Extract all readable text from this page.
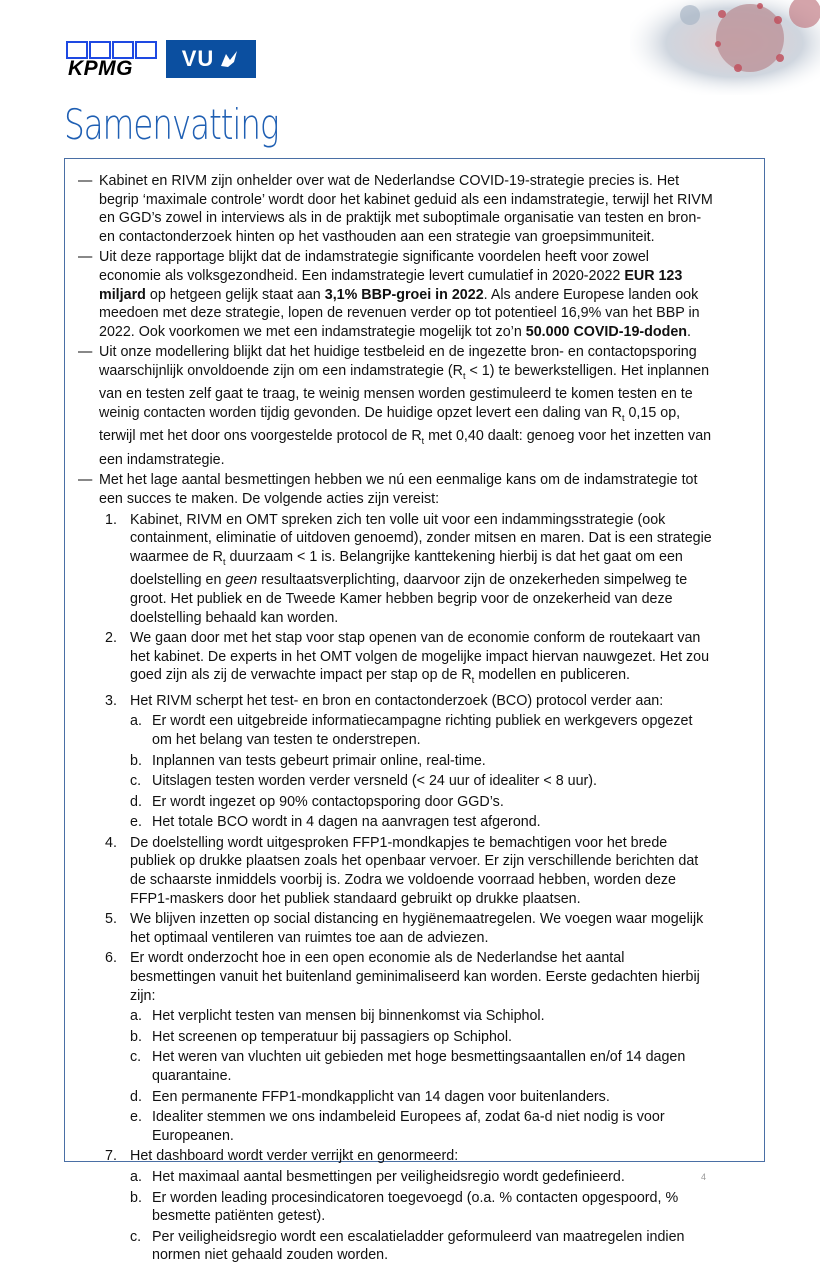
KPMG VU
Samenvatting
— Kabinet en RIVM zijn onhelder over wat de Nederlandse COVID-19-strategie precies is. Het begrip ‘maximale controle’ wordt door het kabinet geduid als een indamstrategie, terwijl het RIVM en GGD’s zowel in interviews als in de praktijk met suboptimale organisatie van testen en bron- en contactonderzoek hinten op het vasthouden aan een strategie van groepsimmuniteit.
— Uit deze rapportage blijkt dat de indamstrategie significante voordelen heeft voor zowel economie als volksgezondheid. Een indamstrategie levert cumulatief in 2020-2022 EUR 123 miljard op hetgeen gelijk staat aan 3,1% BBP-groei in 2022. Als andere Europese landen ook meedoen met deze strategie, lopen de revenuen verder op tot potentieel 16,9% van het BBP in 2022. Ook voorkomen we met een indamstrategie mogelijk tot zo’n 50.000 COVID-19-doden.
— Uit onze modellering blijkt dat het huidige testbeleid en de ingezette bron- en contactopsporing waarschijnlijk onvoldoende zijn om een indamstrategie $(R_t < 1)$ te bewerkstelligen. Het inplannen van en testen zelf gaat te traag, te weinig mensen worden gestimuleerd te komen testen en te weinig contacten worden tijdig gevonden. De huidige opzet levert een daling van $R_t$ 0,15 op, terwijl met het door ons voorgestelde protocol de $R_t$ met 0,40 daalt: genoeg voor het inzetten van een indamstrategie.
— Met het lage aantal besmettingen hebben we nú een eenmalige kans om de indamstrategie tot een succes te maken. De volgende acties zijn vereist:
1. Kabinet, RIVM en OMT spreken zich ten volle uit voor een indammingsstrategie (ook containment, eliminatie of uitdoven genoemd), zonder mitsen en maren. Dat is een strategie waarmee de $R_t$ duurzaam < 1 is. Belangrijke kanttekening hierbij is dat het gaat om een doelstelling en geen resultaatsverplichting, daarvoor zijn de onzekerheden simpelweg te groot. Het publiek en de Tweede Kamer hebben begrip voor de onzekerheid van deze doelstelling behaald kan worden.
2. We gaan door met het stap voor stap openen van de economie conform de routekaart van het kabinet. De experts in het OMT volgen de mogelijke impact hiervan nauwgezet. Het zou goed zijn als zij de verwachte impact per stap op de $R_t$ modellen en publiceren.
3. Het RIVM scherpt het test- en bron en contactonderzoek (BCO) protocol verder aan:
a. Er wordt een uitgebreide informatiecampagne richting publiek en werkgevers opgezet om het belang van testen te onderstrepen.
b. Inplannen van tests gebeurt primair online, real-time.
c. Uitslagen testen worden verder versneld (< 24 uur of idealiter < 8 uur).
d. Er wordt ingezet op 90% contactopsporing door GGD’s.
e. Het totale BCO wordt in 4 dagen na aanvragen test afgerond.
4. De doelstelling wordt uitgesproken FFP1-mondkapjes te bemachtigen voor het brede publiek op drukke plaatsen zoals het openbaar vervoer. Er zijn verschillende berichten dat de schaarste inmiddels voorbij is. Zodra we voldoende voorraad hebben, worden deze FFP1-maskers door het publiek standaard gebruikt op drukke plaatsen.
5. We blijven inzetten op social distancing en hygiënemaatregelen. We voegen waar mogelijk het optimaal ventileren van ruimtes toe aan de adviezen.
6. Er wordt onderzocht hoe in een open economie als de Nederlandse het aantal besmettingen vanuit het buitenland geminimaliseerd kan worden. Eerste gedachten hierbij zijn:
a. Het verplicht testen van mensen bij binnenkomst via Schiphol.
b. Het screenen op temperatuur bij passagiers op Schiphol.
c. Het weren van vluchten uit gebieden met hoge besmettingsaantallen en/of 14 dagen quarantaine.
d. Een permanente FFP1-mondkapplicht van 14 dagen voor buitenlanders.
e. Idealiter stemmen we ons indambeleid Europees af, zodat 6a-d niet nodig is voor Europeanen.
7. Het dashboard wordt verder verrijkt en genormeerd:
a. Het maximaal aantal besmettingen per veiligheidsregio wordt gedefinieerd.
b. Er worden leading procesindicatoren toegevoegd (o.a. % contacten opgespoord, % besmette patiënten getest).
c. Per veiligheidsregio wordt een escalatieladder geformuleerd van maatregelen indien normen niet gehaald zouden worden.
4
